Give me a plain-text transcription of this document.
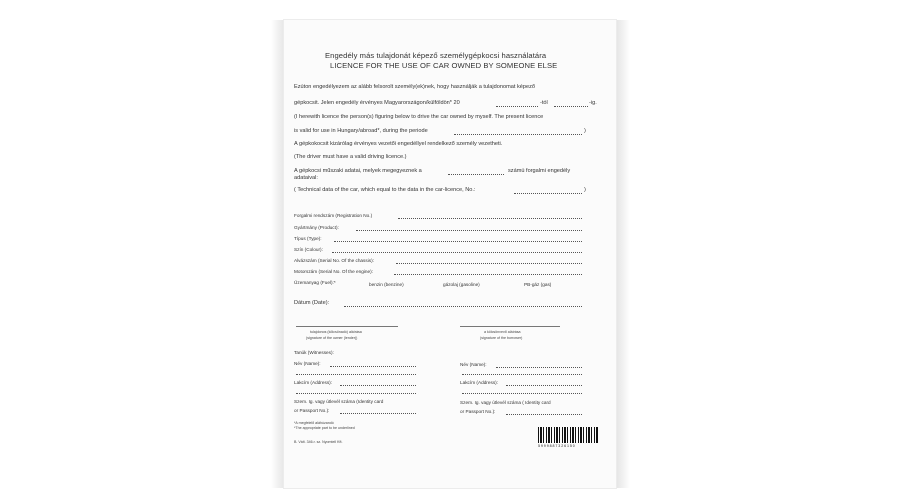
Engedély más tulajdonát képező személygépkocsi használatára
LICENCE FOR THE USE OF CAR OWNED BY SOMEONE ELSE
Ezúton engedélyezem az alább felsorolt személy(ek)nek, hogy használják a tulajdonomat képező
gépkocsit. Jelen engedély érvényes Magyarországon/külföldön* 20	-tól	-ig.
(I herewith licence the person(s) figuring below to drive the car owned by myself. The present licence
is valid for use in Hungary/abroad*, during the periode	)
A gépkokocsit kizárólag érvényes vezetői engedéllyel rendelkező személy vezetheti.
(The driver must have a valid driving licence.)
A gépkocsi műszaki adatai, melyek megegyeznek a	számú forgalmi engedély
adataival:
( Technical data of the car, which equal to the data in the car-licence, No.:	)
Forgalmi rendszám (Registration No.)
Gyártmány (Product):
Típus (Type):
Szín (Colour):
Alvázszám (Serial No. Of the chassis):
Motorszám (Serial No. Of the engine):
Üzemanyag (Fuel):*	benzin (benzine)	gázolaj (gasoline)	PB-gáz (gas)
Dátum (Date):
tulajdonos (kölcsönadó) aláírása
(signature of the owner (lender))
a kölcsönvevő aláírása
(signature of the borrower)
Tanúk (Witnesses):
Név (Name):	Név (Name):
Lakcím (Address):	Lakcím (Address):
Szem. Ig. vagy útlevél száma (Identity card
or Passport No.):
Szem. Ig. vagy útlevél száma ( Identity card
or Passport No.):
*A megfelelő aláhúzandó
*The appropriate part to be underlined
B. Vált. 346.r. sz. Nyomtell Kft.
5999887326150
